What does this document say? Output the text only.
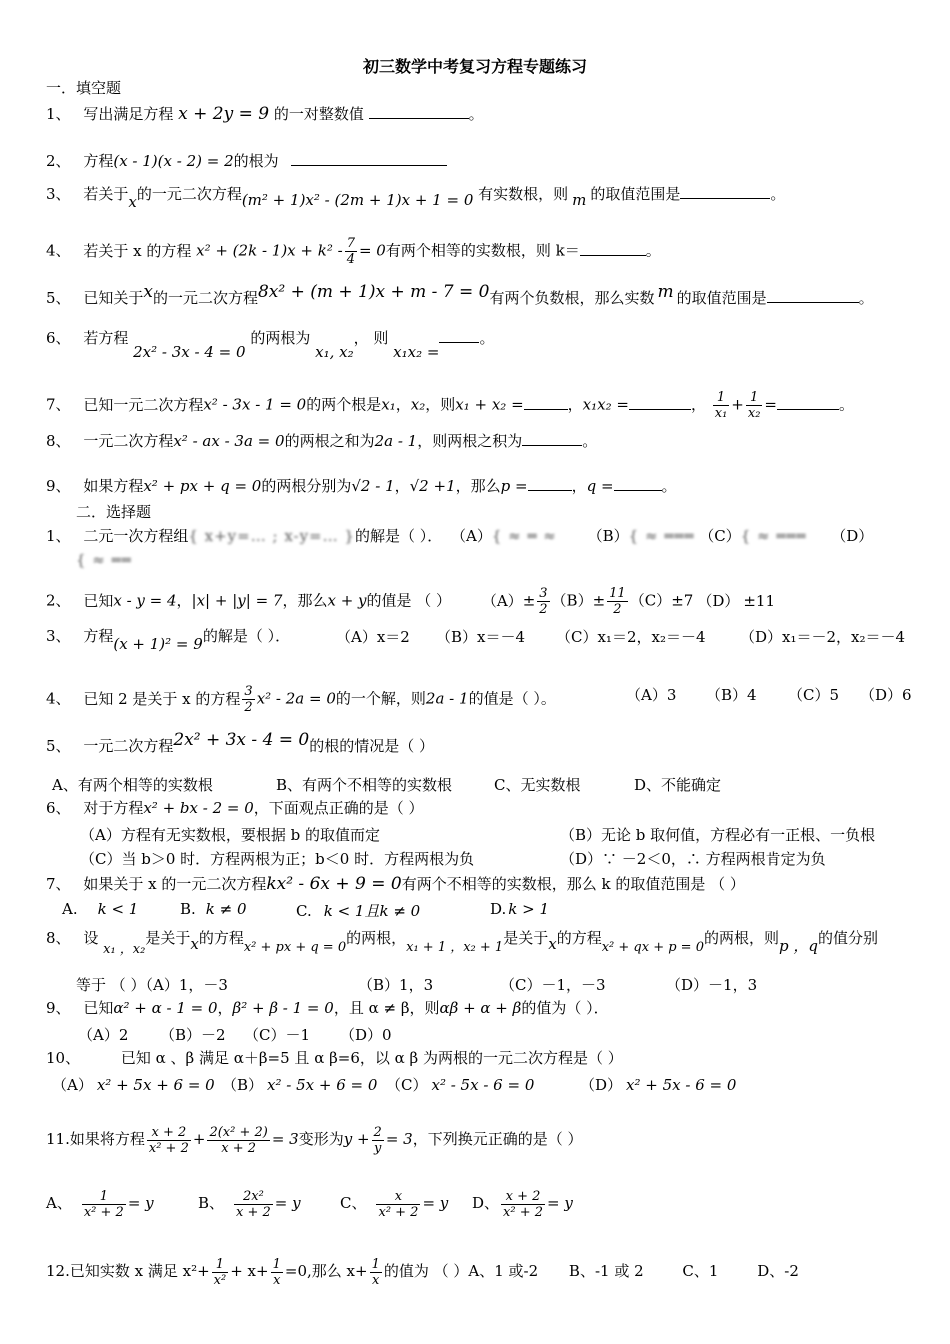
初三数学中考复习方程专题练习
一．填空题
1、 写出满足方程 x + 2y = 9 的一对整数值	。
2、 方程(x - 1)(x - 2) = 2的根为
3、 若关于x的一元二次方程(m² + 1)x² - (2m + 1)x + 1 = 0 有实数根，则 m 的取值范围是	。
4、 若关于 x 的方程 $x^2 + (2k - 1)x + k^2 - \frac{7}{4} = 0$有两个相等的实数根，则 k＝	。
5、 已知关于x的一元二次方程8x² + (m + 1)x + m - 7 = 0有两个负数根，那么实数 m 的取值范围是	。
6、 若方程 2x² - 3x - 4 = 0 的两根为 x₁, x₂， 则 x₁x₂ =。
7、 已知一元二次方程x² - 3x - 1 = 0的两个根是x₁，x₂，则x₁ + x₂ =	，x₁x₂ =	， $\frac{1}{\text{x₁}} + \frac{1}{\text{x₂}}$ =	。
8、 一元二次方程x² - ax - 3a = 0的两根之和为2a - 1，则两根之积为	。
9、 如果方程x² + px + q = 0的两根分别为√2 - 1，√2 +1，那么p =	，q =	。
二．选择题
1、 二元一次方程组{ x+y=… ; x-y=… }的解是（ ）． （A）{ ≈ ═ ≈ （B）{ ≈ ═══ （C）{ ≈ ═══ （D）
{ ≈ ══
2、 已知x - y = 4，|x| + |y| = 7，那么x + y的值是 （ ） $(A)\pm \frac{3}{2} (B)\pm \frac{11}{2} (C)\pm 7$ （D） ±11
3、 方程(x + 1)² = 9的解是（ ）．	（A）x＝2 （B）x＝－4 （C）x₁＝2，x₂＝－4 （D）x₁＝－2，x₂＝－4
4、 已知 2 是关于 x 的方程 $\frac{3}{2} x^2 - 2a = 0$的一个解，则2a - 1的值是（ ）。	（A）3 （B）4 （C）5 （D）6
5、 一元二次方程2x² + 3x - 4 = 0的根的情况是（ ）
A、有两个相等的实数根	B、有两个不相等的实数根	C、无实数根	D、不能确定
6、 对于方程x² + bx - 2 = 0，下面观点正确的是（ ）
（A）方程有无实数根，要根据 b 的取值而定	（B）无论 b 取何值，方程必有一正根、一负根
（C）当 b＞0 时．方程两根为正；b＜0 时．方程两根为负	（D）∵ －2＜0，∴ 方程两根肯定为负
7、 如果关于 x 的一元二次方程kx² - 6x + 9 = 0有两个不相等的实数根，那么 k 的取值范围是 （ ）
A. k < 1	B. k ≠ 0	C. k < 1且k ≠ 0	D. k > 1
8、 设 x₁ ，x₂是关于x的方程x² + px + q = 0的两根，x₁ + 1 ，x₂ + 1是关于x的方程x² + qx + p = 0的两根，则p ，q的值分别
等于 （ ）（A）1，－3	（B）1，3	（C）－1，－3	（D）－1，3
9、 已知α² + α - 1 = 0，β² + β - 1 = 0，且 α ≠ β，则αβ + α + β的值为（ ）．
（A）2 （B）－2 （C）－1 （D）0
10、	已知 α 、β 满足 α＋β=5 且 α β=6，以 α β 为两根的一元二次方程是（ ）
（A） x² + 5x + 6 = 0 （B） x² - 5x + 6 = 0 （C） x² - 5x - 6 = 0	（D） x² + 5x - 6 = 0
11.如果将方程 $\frac{x + 2}{\text{x² + 2}} + \frac{\text{2(x² + 2)}}{x + 2} = 3$变形为$y + \frac{2}{y} = 3$，下列换元正确的是（ ）
A、 $\frac{1}{\text{x² + 2}} = y$	B、 $\frac{\text{2x²}}{x + 2} = y$	C、 $\frac{x}{\text{x² + 2}} = y$ D、 $\frac{x + 2}{\text{x² + 2}} = y$
12.已知实数 x 满足 $x^2+ \frac{1}{\text{x²}} + x+ \frac{1}{x} =0$,那么 $x+ \frac{1}{x}$ 的值为 （ ）A、1 或-2 B、-1 或 2	C、1	D、-2
